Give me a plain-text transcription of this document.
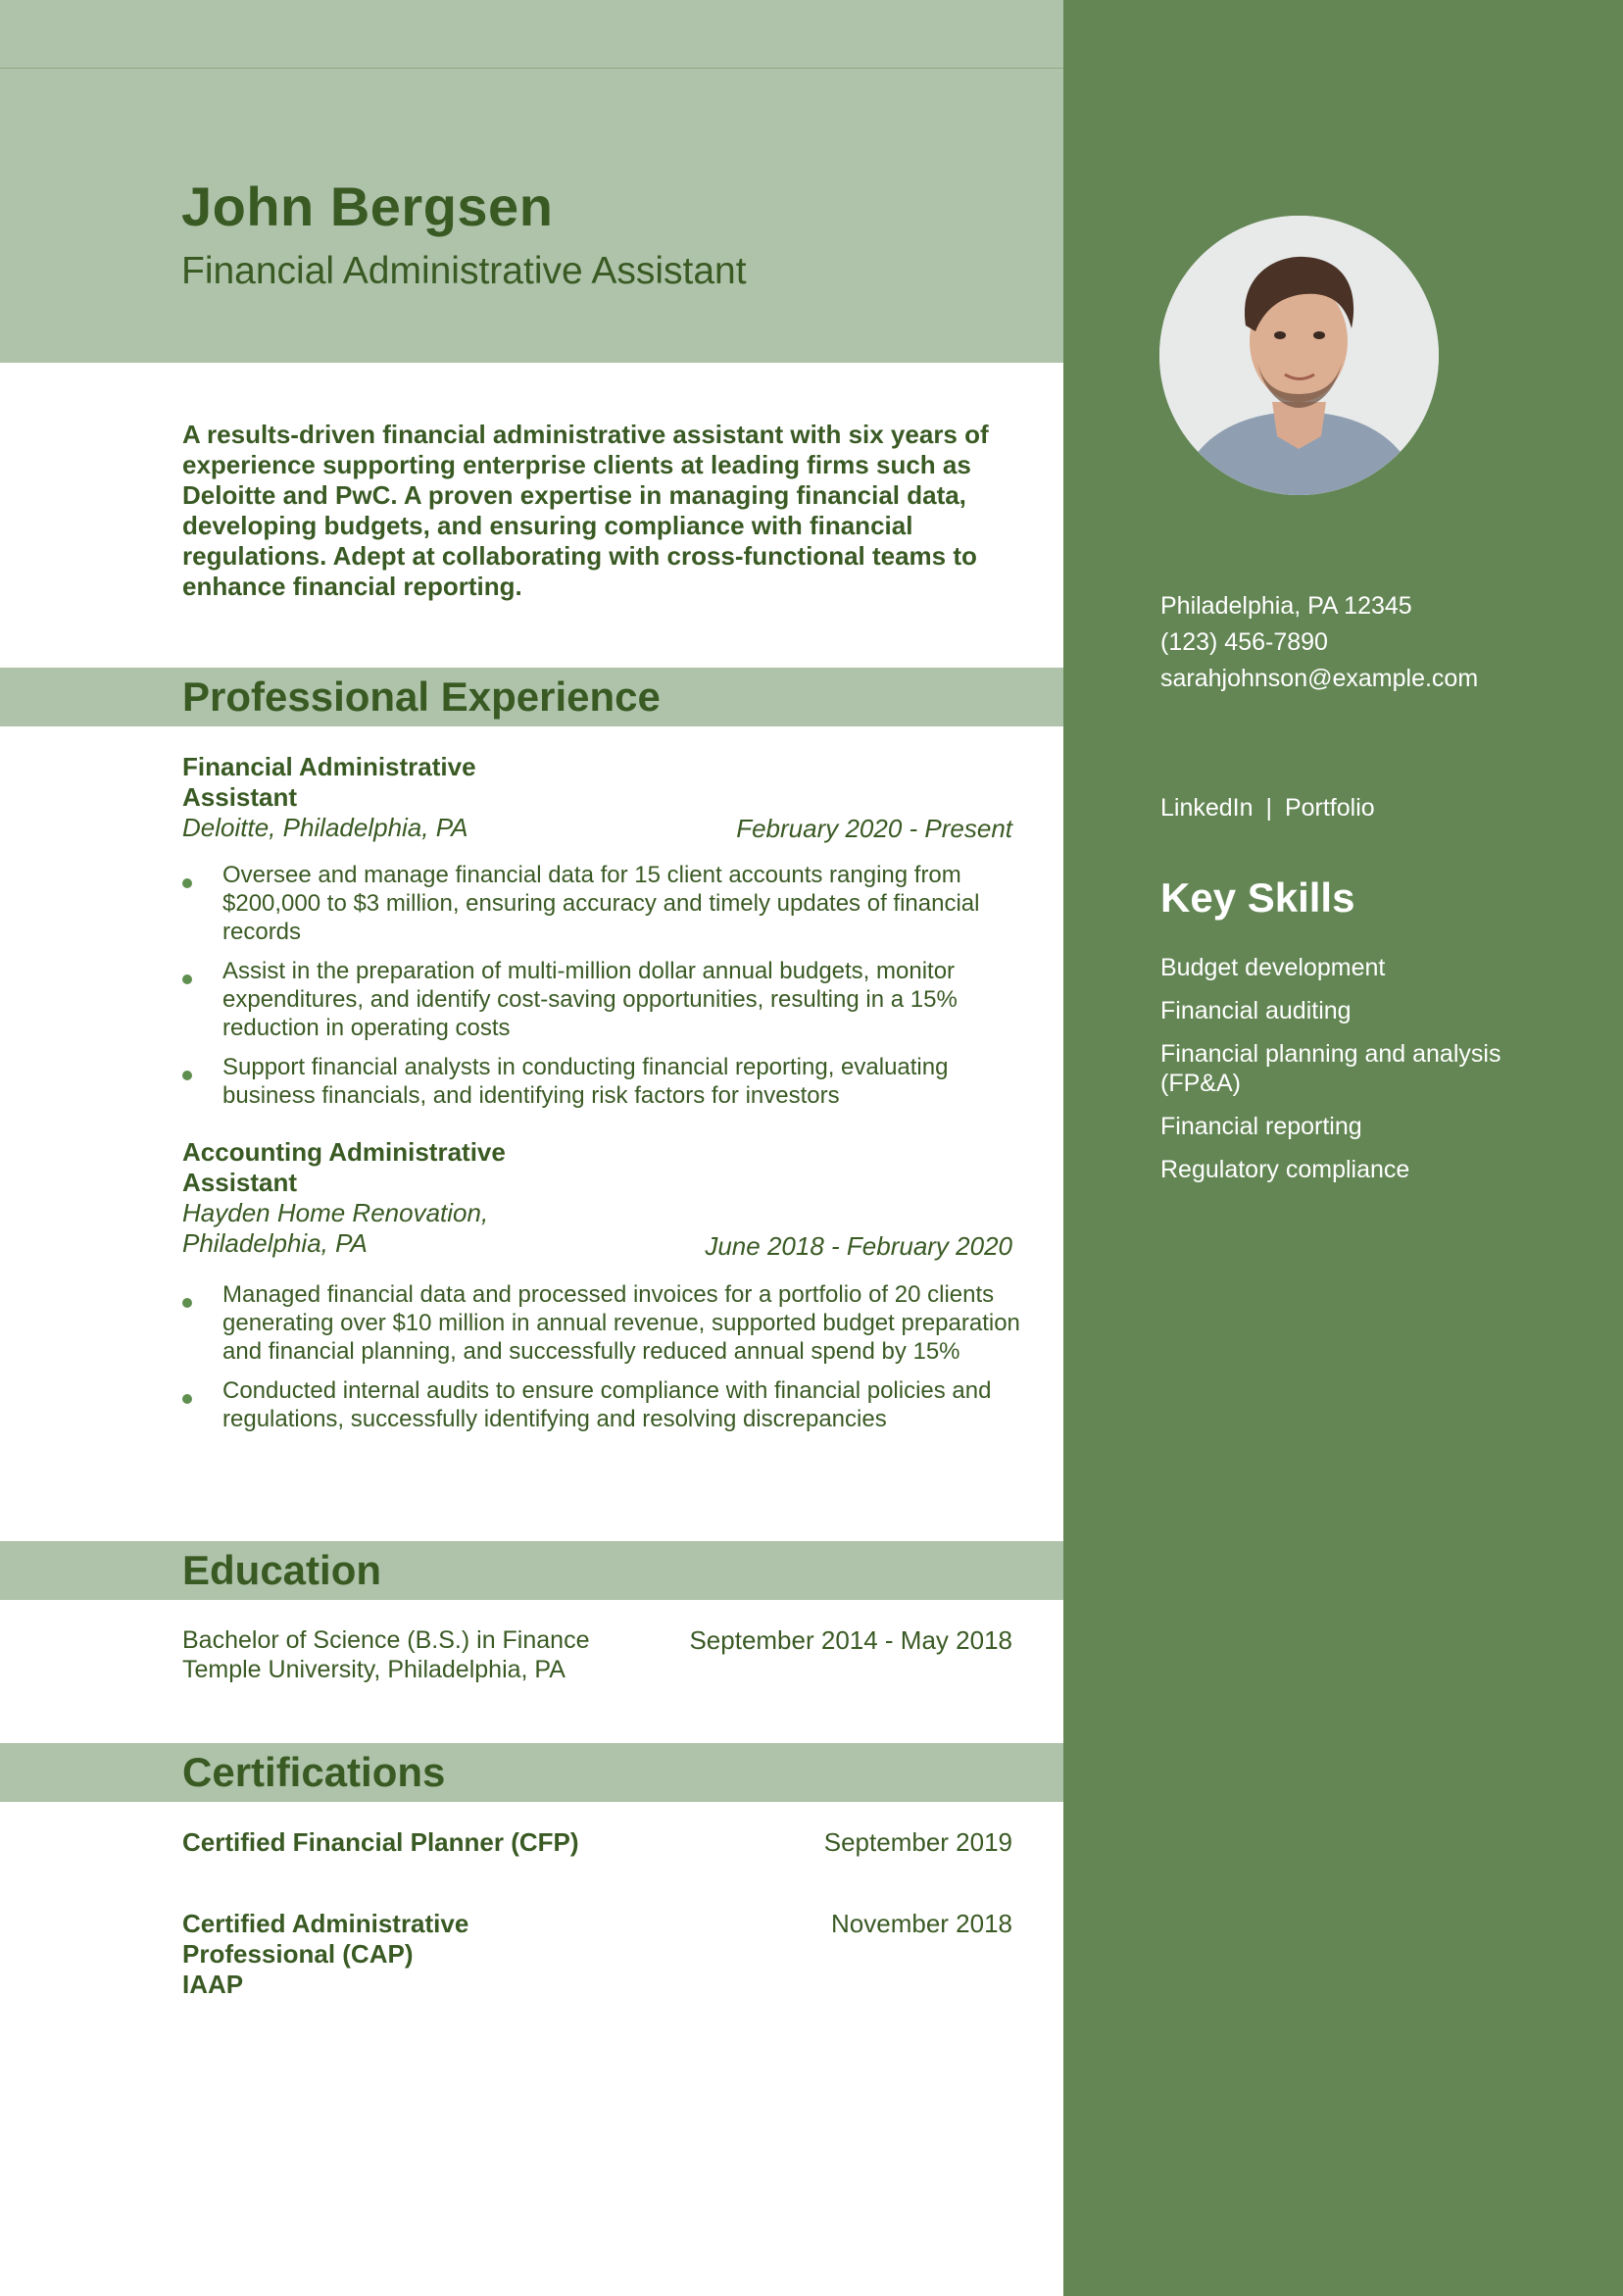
John Bergsen
Financial Administrative Assistant
A results-driven financial administrative assistant with six years of experience supporting enterprise clients at leading firms such as Deloitte and PwC. A proven expertise in managing financial data, developing budgets, and ensuring compliance with financial regulations. Adept at collaborating with cross-functional teams to enhance financial reporting.
Professional Experience
Financial Administrative
Assistant
Deloitte, Philadelphia, PA	February 2020 - Present
Oversee and manage financial data for 15 client accounts ranging from $200,000 to $3 million, ensuring accuracy and timely updates of financial records
Assist in the preparation of multi-million dollar annual budgets, monitor expenditures, and identify cost-saving opportunities, resulting in a 15% reduction in operating costs
Support financial analysts in conducting financial reporting, evaluating business financials, and identifying risk factors for investors
Accounting Administrative
Assistant
Hayden Home Renovation,
Philadelphia, PA	June 2018 - February 2020
Managed financial data and processed invoices for a portfolio of 20 clients generating over $10 million in annual revenue, supported budget preparation and financial planning, and successfully reduced annual spend by 15%
Conducted internal audits to ensure compliance with financial policies and regulations, successfully identifying and resolving discrepancies
Education
Bachelor of Science (B.S.) in Finance
Temple University, Philadelphia, PA
September 2014 - May 2018
Certifications
Certified Financial Planner (CFP)	September 2019
Certified Administrative Professional (CAP)
IAAP
November 2018
Philadelphia, PA 12345
(123) 456-7890
sarahjohnson@example.com
LinkedIn | Portfolio
Key Skills
Budget development
Financial auditing
Financial planning and analysis (FP&A)
Financial reporting
Regulatory compliance
